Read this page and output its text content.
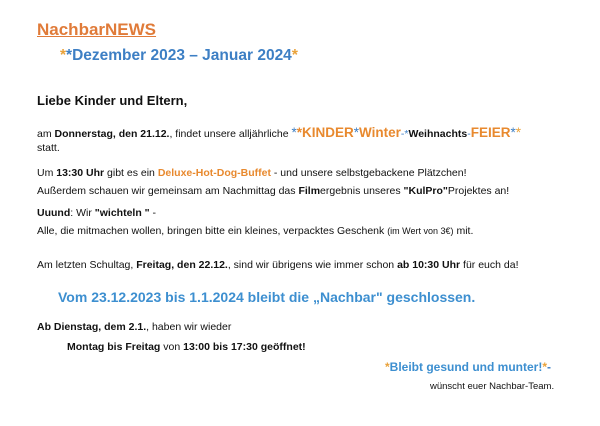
NachbarNEWS
**Dezember 2023 – Januar 2024*
Liebe Kinder und Eltern,
am Donnerstag, den 21.12., findet unsere alljährliche **KINDER*Winter-*Weihnachts-FEIER**
statt.
Um 13:30 Uhr gibt es ein Deluxe-Hot-Dog-Buffet - und unsere selbstgebackene Plätzchen!
Außerdem schauen wir gemeinsam am Nachmittag das Filmergebnis unseres "KulPro"Projektes an!
Uuund: Wir "wichteln " -
Alle, die mitmachen wollen, bringen bitte ein kleines, verpacktes Geschenk (im Wert von 3€) mit.
Am letzten Schultag, Freitag, den 22.12., sind wir übrigens wie immer schon ab 10:30 Uhr für euch da!
Vom 23.12.2023 bis 1.1.2024 bleibt die „Nachbar" geschlossen.
Ab Dienstag, dem 2.1., haben wir wieder
Montag bis Freitag von 13:00 bis 17:30 geöffnet!
*Bleibt gesund und munter!*-
wünscht euer Nachbar-Team.
